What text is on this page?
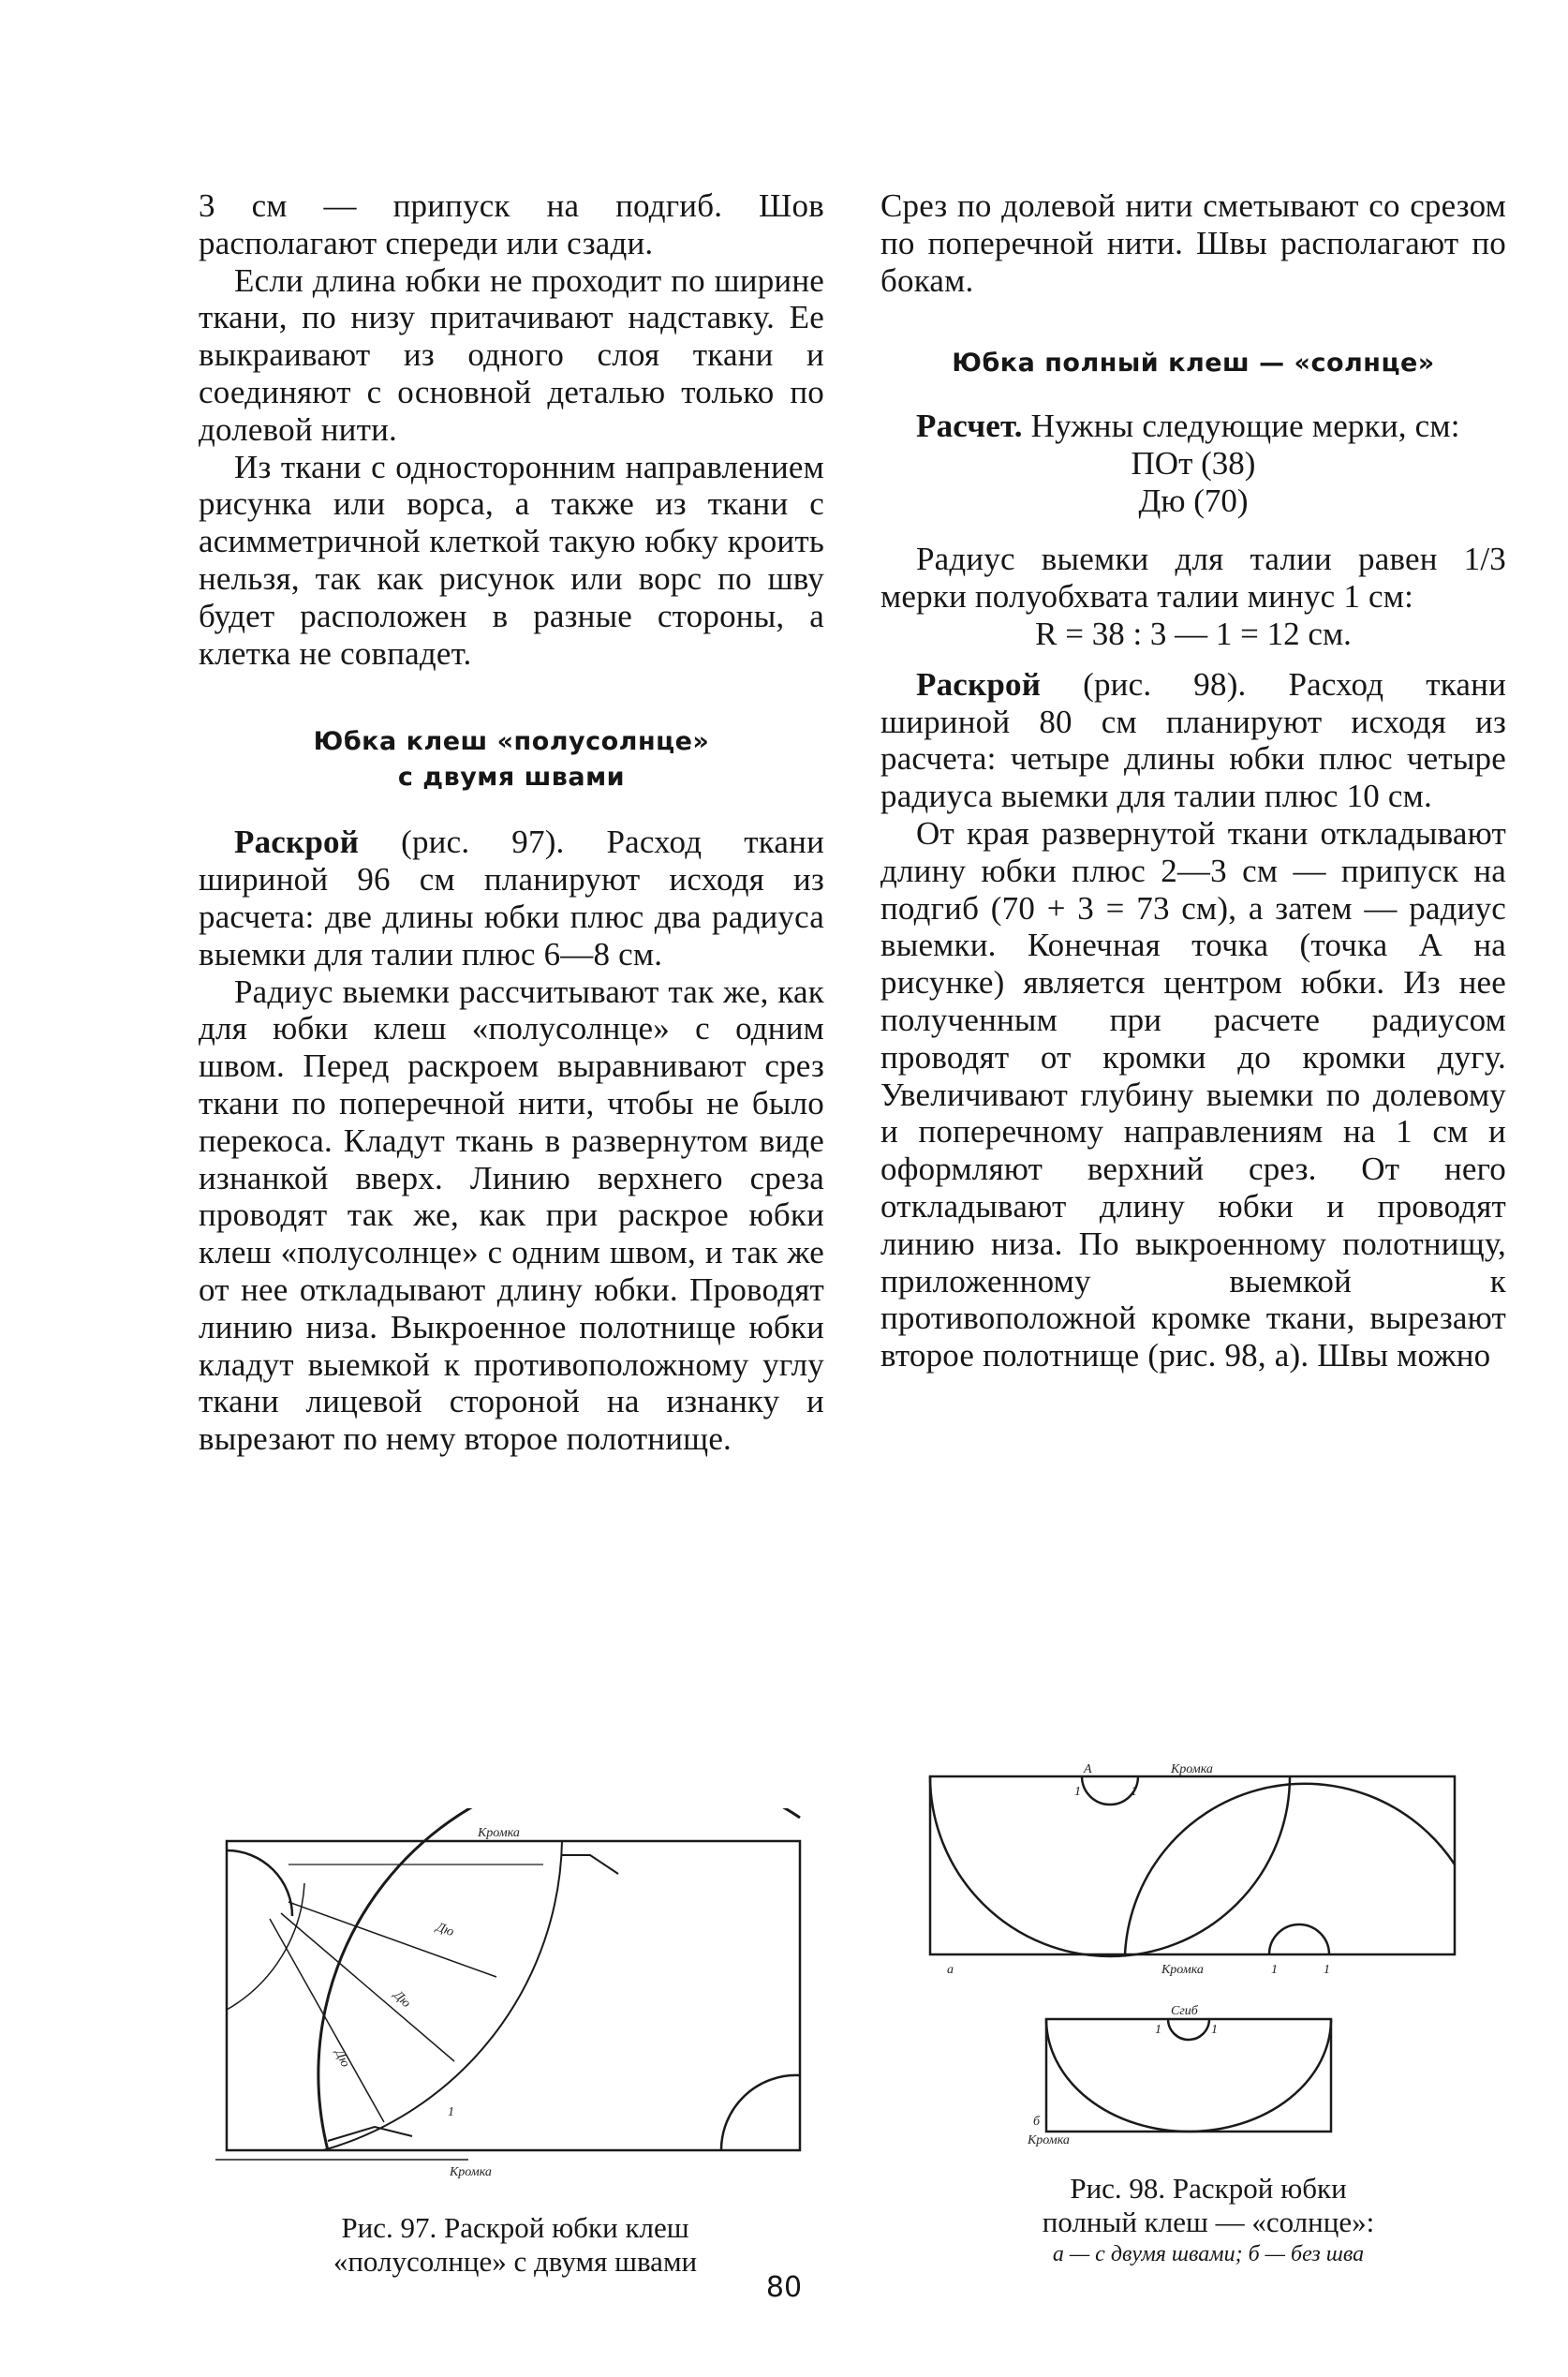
3 см — припуск на подгиб. Шов располагают спереди или сзади.

Если длина юбки не проходит по ширине ткани, по низу притачивают надставку. Ее выкраивают из одного слоя ткани и соединяют с основной деталью только по долевой нити.

Из ткани с односторонним направлением рисунка или ворса, а также из ткани с асимметричной клеткой такую юбку кроить нельзя, так как рисунок или ворс по шву будет расположен в разные стороны, а клетка не совпадет.

Юбка клеш «полусолнце»
с двумя швами

Раскрой (рис. 97). Расход ткани шириной 96 см планируют исходя из расчета: две длины юбки плюс два радиуса выемки для талии плюс 6—8 см.

Радиус выемки рассчитывают так же, как для юбки клеш «полусолнце» с одним швом. Перед раскроем выравнивают срез ткани по поперечной нити, чтобы не было перекоса. Кладут ткань в развернутом виде изнанкой вверх. Линию верхнего среза проводят так же, как при раскрое юбки клеш «полусолнце» с одним швом, и так же от нее откладывают длину юбки. Проводят линию низа. Выкроенное полотнище юбки кладут выемкой к противоположному углу ткани лицевой стороной на изнанку и вырезают по нему второе полотнище.

Срез по долевой нити сметывают со срезом по поперечной нити. Швы располагают по бокам.

Юбка полный клеш — «солнце»

Расчет. Нужны следующие мерки, см:

ПОт (38)

Дю (70)

Радиус выемки для талии равен 1/3 мерки полуобхвата талии минус 1 см:

R = 38 : 3 — 1 = 12 см.

Раскрой (рис. 98). Расход ткани шириной 80 см планируют исходя из расчета: четыре длины юбки плюс четыре радиуса выемки для талии плюс 10 см.

От края развернутой ткани откладывают длину юбки плюс 2—3 см — припуск на подгиб (70 + 3 = 73 см), а затем — радиус выемки. Конечная точка (точка А на рисунке) является центром юбки. Из нее полученным при расчете радиусом проводят от кромки до кромки дугу. Увеличивают глубину выемки по долевому и поперечному направлениям на 1 см и оформляют верхний срез. От него откладывают длину юбки и проводят линию низа. По выкроенному полотнищу, приложенному выемкой к противоположной кромке ткани, вырезают второе полотнище (рис. 98, а). Швы можно

Кромка
Кромка
Дю
Дю
Дю
1

Рис. 97. Раскрой юбки клеш

«полусолнце» с двумя швами

А	Кромка
Кромка
а
1	1
1	1
Сгиб
1	1
б
Кромка

Рис. 98. Раскрой юбки

полный клеш — «солнце»:

а — с двумя швами; б — без шва

80
